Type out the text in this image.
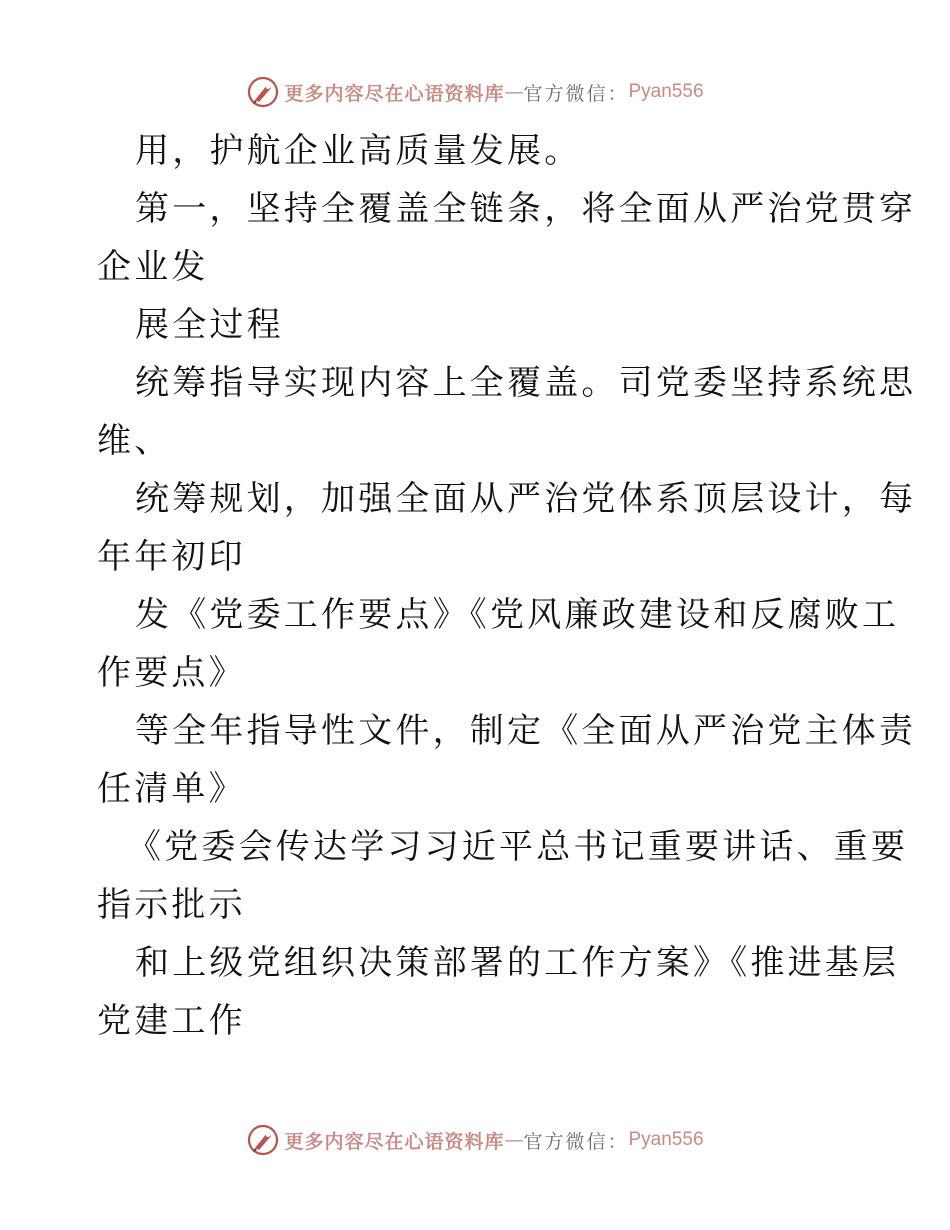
更多内容尽在心语资料库 — 官方微信： Pyan556
用，护航企业高质量发展。
第一，坚持全覆盖全链条，将全面从严治党贯穿
企业发
展全过程
统筹指导实现内容上全覆盖。司党委坚持系统思
维、
统筹规划，加强全面从严治党体系顶层设计，每
年年初印
发《党委工作要点》《党风廉政建设和反腐败工
作要点》
等全年指导性文件，制定《全面从严治党主体责
任清单》
《党委会传达学习习近平总书记重要讲话、重要
指示批示
和上级党组织决策部署的工作方案》《推进基层
党建工作
更多内容尽在心语资料库 — 官方微信： Pyan556
